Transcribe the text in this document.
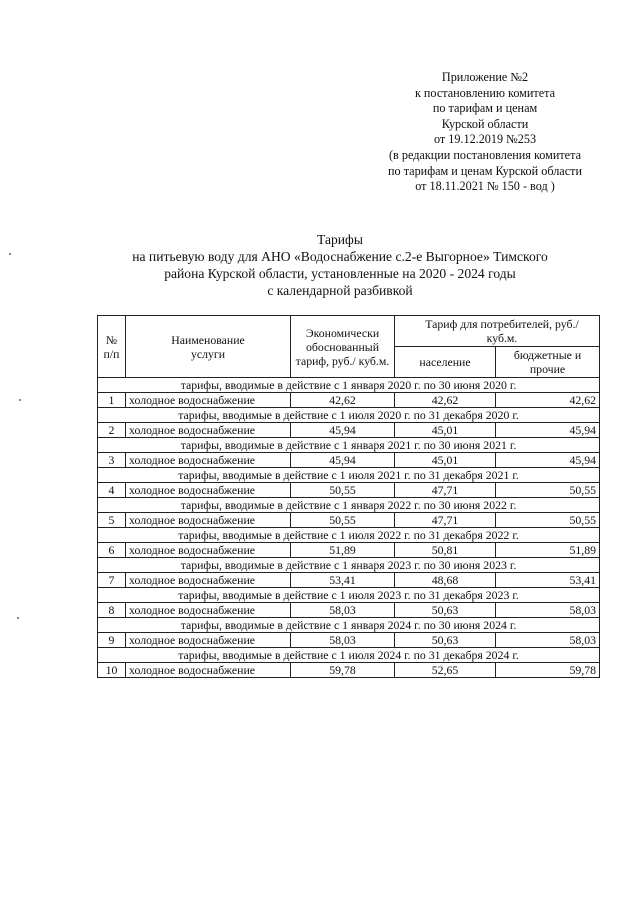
Приложение №2
к постановлению комитета
по тарифам и ценам
Курской области
от 19.12.2019 №253
(в редакции постановления комитета
по тарифам и ценам Курской области
от 18.11.2021 № 150 - вод )
Тарифы
на питьевую воду для АНО «Водоснабжение с.2-е Выгорное» Тимского
района Курской области, установленные на 2020 - 2024 годы
с календарной разбивкой
№ п/п	Наименование услуги	Экономически обоснованный тариф, руб./ куб.м.	Тариф для потребителей, руб./куб.м.	
			население	бюджетные и прочие
тарифы, вводимые в действие с 1 января 2020 г. по 30 июня 2020 г.				
1	холодное водоснабжение	42,62	42,62	42,62
тарифы, вводимые в действие с 1 июля 2020 г. по 31 декабря 2020 г.				
2	холодное водоснабжение	45,94	45,01	45,94
тарифы, вводимые в действие с 1 января 2021 г. по 30 июня 2021 г.				
3	холодное водоснабжение	45,94	45,01	45,94
тарифы, вводимые в действие с 1 июля 2021 г. по 31 декабря 2021 г.				
4	холодное водоснабжение	50,55	47,71	50,55
тарифы, вводимые в действие с 1 января 2022 г. по 30 июня 2022 г.				
5	холодное водоснабжение	50,55	47,71	50,55
тарифы, вводимые в действие с 1 июля 2022 г. по 31 декабря 2022 г.				
6	холодное водоснабжение	51,89	50,81	51,89
тарифы, вводимые в действие с 1 января 2023 г. по 30 июня 2023 г.				
7	холодное водоснабжение	53,41	48,68	53,41
тарифы, вводимые в действие с 1 июля 2023 г. по 31 декабря 2023 г.				
8	холодное водоснабжение	58,03	50,63	58,03
тарифы, вводимые в действие с 1 января 2024 г. по 30 июня 2024 г.				
9	холодное водоснабжение	58,03	50,63	58,03
тарифы, вводимые в действие с 1 июля 2024 г. по 31 декабря 2024 г.				
10	холодное водоснабжение	59,78	52,65	59,78
